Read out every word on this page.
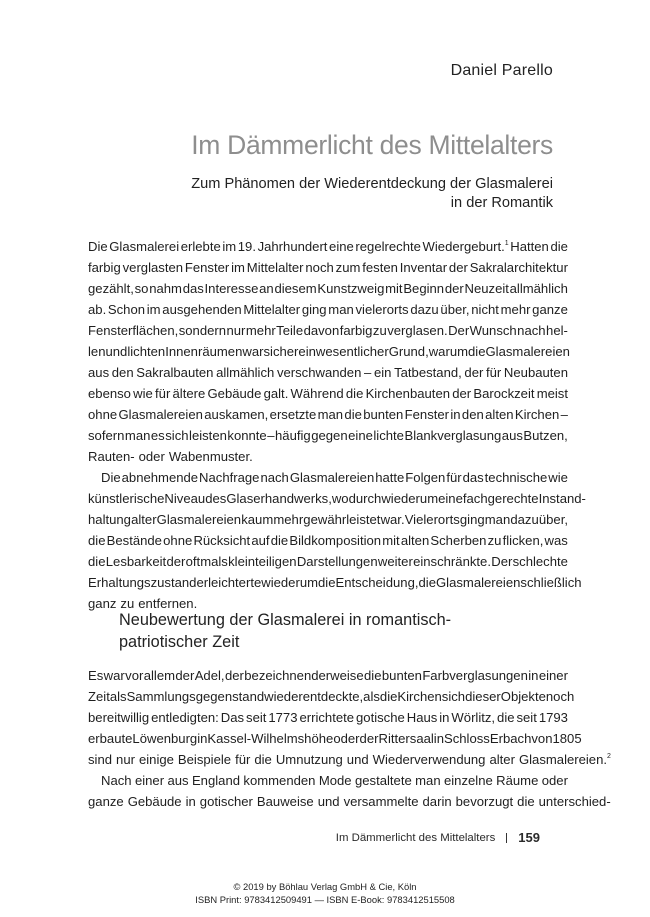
Daniel Parello
Im Dämmerlicht des Mittelalters
Zum Phänomen der Wiederentdeckung der Glasmalerei
in der Romantik
Die Glasmalerei erlebte im 19. Jahrhundert eine regelrechte Wiedergeburt.$^1$ Hatten die
farbig verglasten Fenster im Mittelalter noch zum festen Inventar der Sakralarchitektur
gezählt, so nahm das Interesse an diesem Kunstzweig mit Beginn der Neuzeit allmählich
ab. Schon im ausgehenden Mittelalter ging man vielerorts dazu über, nicht mehr ganze
Fensterflächen, sondern nur mehr Teile davon farbig zu verglasen. Der Wunsch nach hel-
len und lichten Innenräumen war sicher ein wesentlicher Grund, warum die Glasmalereien
aus den Sakralbauten allmählich verschwanden – ein Tatbestand, der für Neubauten
ebenso wie für ältere Gebäude galt. Während die Kirchenbauten der Barockzeit meist
ohne Glasmalereien auskamen, ersetzte man die bunten Fenster in den alten Kirchen –
sofern man es sich leisten konnte – häufig gegen eine lichte Blankverglasung aus Butzen,
Rauten- oder Wabenmuster.
Die abnehmende Nachfrage nach Glasmalereien hatte Folgen für das technische wie
künstlerische Niveau des Glaserhandwerks, wodurch wiederum eine fachgerechte Instand-
haltung alter Glasmalereien kaum mehr gewährleistet war. Vielerorts ging man dazu über,
die Bestände ohne Rücksicht auf die Bildkomposition mit alten Scherben zu flicken, was
die Lesbarkeit der oftmals kleinteiligen Darstellungen weiter einschränkte. Der schlechte
Erhaltungszustand erleichterte wiederum die Entscheidung, die Glasmalereien schließlich
ganz zu entfernen.
Neubewertung der Glasmalerei in romantisch-
patriotischer Zeit
Es war vor allem der Adel, der bezeichnenderweise die bunten Farbverglasungen in einer
Zeit als Sammlungsgegenstand wiederentdeckte, als die Kirchen sich dieser Objekte noch
bereitwillig entledigten: Das seit 1773 errichtete gotische Haus in Wörlitz, die seit 1793
erbaute Löwenburg in Kassel-Wilhelmshöhe oder der Rittersaal in Schloss Erbach von 1805
sind nur einige Beispiele für die Umnutzung und Wiederverwendung alter Glasmalereien.$^2$
Nach einer aus England kommenden Mode gestaltete man einzelne Räume oder
ganze Gebäude in gotischer Bauweise und versammelte darin bevorzugt die unterschied-
Im Dämmerlicht des Mittelalters 159
© 2019 by Böhlau Verlag GmbH & Cie, Köln
ISBN Print: 9783412509491 — ISBN E-Book: 9783412515508
